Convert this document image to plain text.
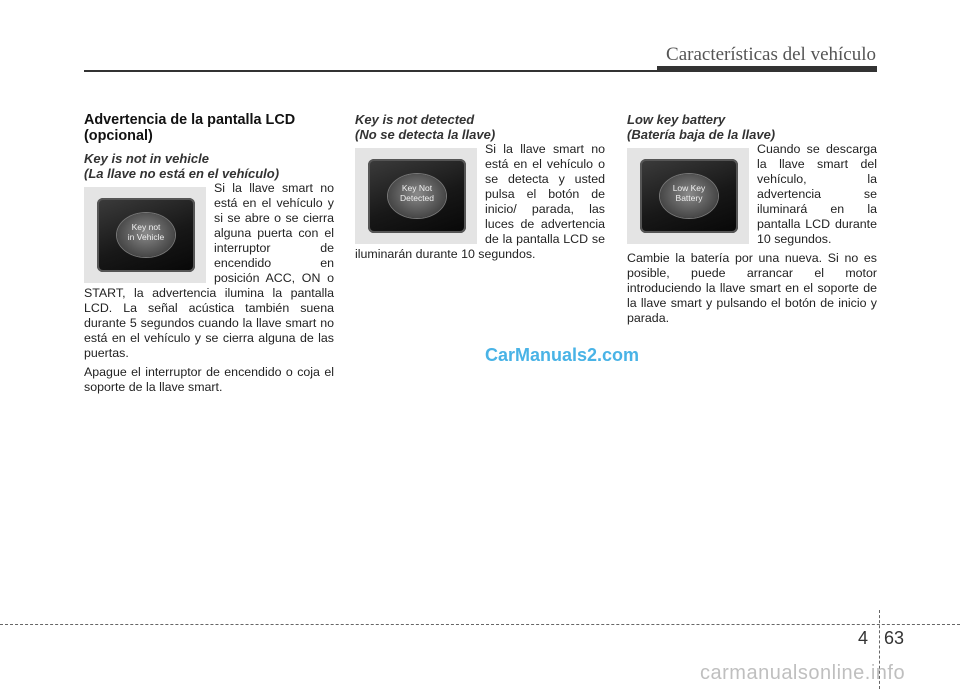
Características del vehículo
Advertencia de la pantalla LCD (opcional)
Key is not in vehicle
(La llave no está en el vehículo)
Key not
in Vehicle

Si la llave smart no está en el vehículo y si se abre o se cierra alguna puerta con el interruptor de encendido en posición ACC, ON o START, la advertencia ilumina la pantalla LCD. La señal acústica también suena durante 5 segundos cuando la llave smart no está en el vehículo y se cierra alguna de las puertas.

Apague el interruptor de encendido o coja el soporte de la llave smart.

Key is not detected
(No se detecta la llave)
Key Not
Detected

Si la llave smart no está en el vehículo o se detecta y usted pulsa el botón de inicio/ parada, las luces de advertencia de la pantalla LCD se iluminarán durante 10 segundos.

Low key battery
(Batería baja de la llave)
Low Key
Battery

Cuando se descarga la llave smart del vehículo, la advertencia se iluminará en la pantalla LCD durante 10 segundos.

Cambie la batería por una nueva. Si no es posible, puede arrancar el motor introduciendo la llave smart en el soporte de la llave smart y pulsando el botón de inicio y parada.

CarManuals2.com
4 63
carmanualsonline.info
